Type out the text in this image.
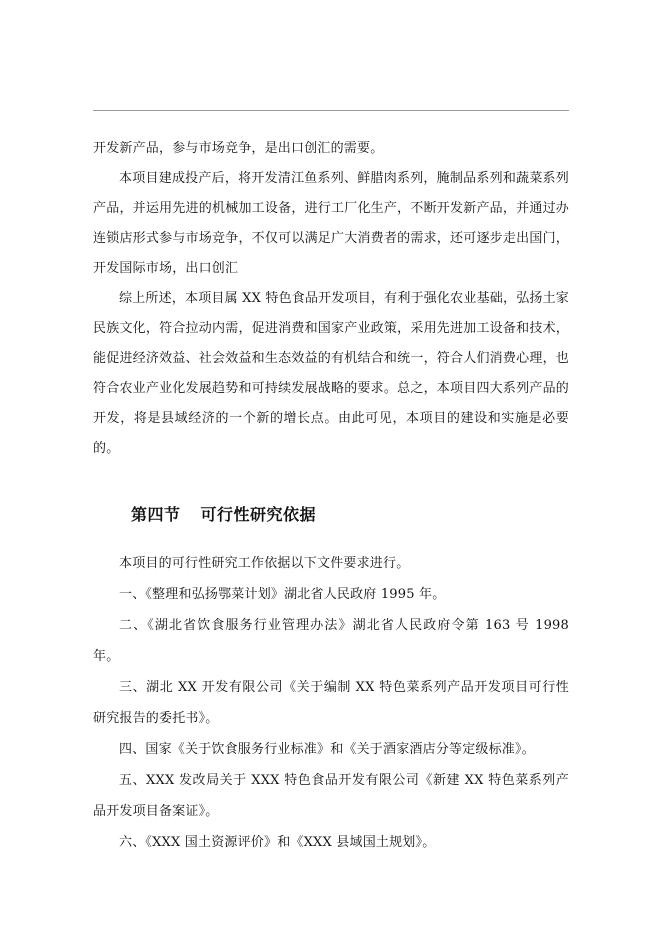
开发新产品，参与市场竞争，是出口创汇的需要。

本项目建成投产后，将开发清江鱼系列、鲜腊肉系列，腌制品系列和蔬菜系列产品，并运用先进的机械加工设备，进行工厂化生产，不断开发新产品，并通过办连锁店形式参与市场竞争，不仅可以满足广大消费者的需求，还可逐步走出国门，开发国际市场，出口创汇

综上所述，本项目属 XX 特色食品开发项目，有利于强化农业基础，弘扬土家民族文化，符合拉动内需，促进消费和国家产业政策，采用先进加工设备和技术，能促进经济效益、社会效益和生态效益的有机结合和统一，符合人们消费心理，也符合农业产业化发展趋势和可持续发展战略的要求。总之，本项目四大系列产品的开发，将是县域经济的一个新的增长点。由此可见，本项目的建设和实施是必要的。

第四节 可行性研究依据

本项目的可行性研究工作依据以下文件要求进行。

一、《整理和弘扬鄂菜计划》湖北省人民政府 1995 年。

二、《湖北省饮食服务行业管理办法》湖北省人民政府令第 163 号 1998 年。

三、湖北 XX 开发有限公司《关于编制 XX 特色菜系列产品开发项目可行性研究报告的委托书》。

四、国家《关于饮食服务行业标准》和《关于酒家酒店分等定级标准》。

五、XXX 发改局关于 XXX 特色食品开发有限公司《新建 XX 特色菜系列产品开发项目备案证》。

六、《XXX 国土资源评价》和《XXX 县域国土规划》。
